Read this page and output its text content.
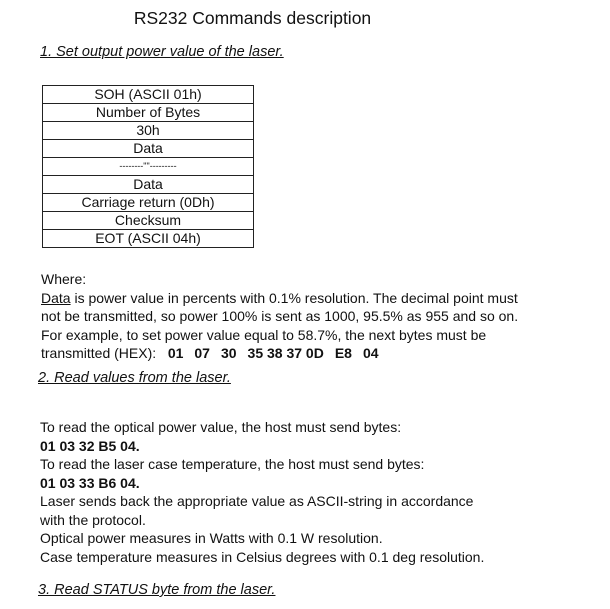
RS232 Commands description
1. Set output power value of the laser.
SOH (ASCII 01h)
Number of Bytes
30h
Data
--------""---------
Data
Carriage return (0Dh)
Checksum
EOT (ASCII 04h)
Where:
Data is power value in percents with 0.1% resolution. The decimal point must
not be transmitted, so power 100% is sent as 1000, 95.5% as 955 and so on.
For example, to set power value equal to 58.7%, the next bytes must be
transmitted (HEX): 01 07 30 35 38 37 0D E8 04
2. Read values from the laser.
To read the optical power value, the host must send bytes:
01 03 32 B5 04.
To read the laser case temperature, the host must send bytes:
01 03 33 B6 04.
Laser sends back the appropriate value as ASCII-string in accordance
with the protocol.
Optical power measures in Watts with 0.1 W resolution.
Case temperature measures in Celsius degrees with 0.1 deg resolution.
3. Read STATUS byte from the laser.
